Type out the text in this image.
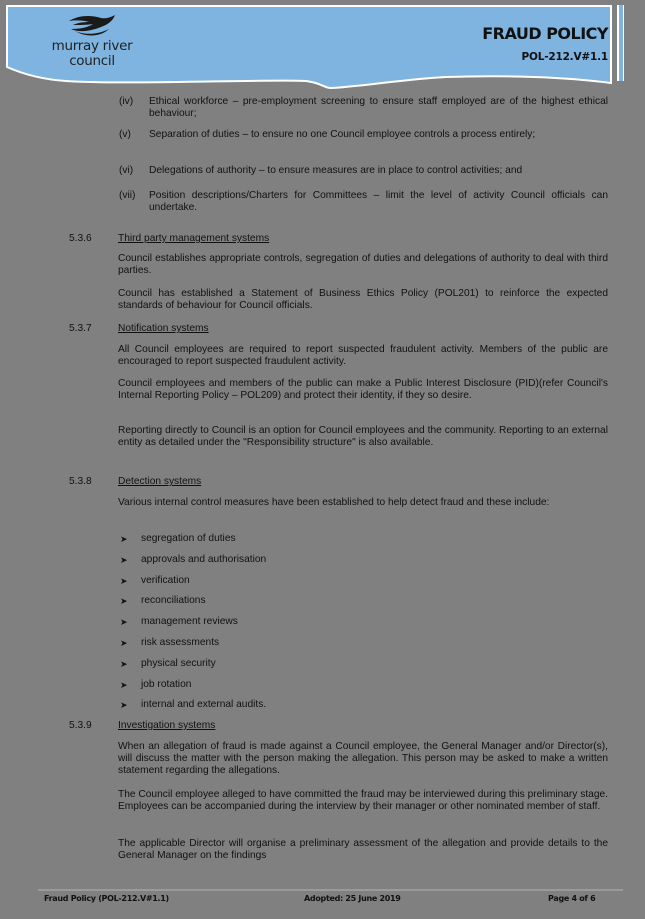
murray river
council
FRAUD POLICY
POL-212.V#1.1
(iv) Ethical workforce – pre-employment screening to ensure staff employed are of the highest ethical behaviour;
(v) Separation of duties – to ensure no one Council employee controls a process entirely;
(vi) Delegations of authority – to ensure measures are in place to control activities; and
(vii) Position descriptions/Charters for Committees – limit the level of activity Council officials can undertake.
5.3.6	Third party management systems
Council establishes appropriate controls, segregation of duties and delegations of authority to deal with third parties.
Council has established a Statement of Business Ethics Policy (POL201) to reinforce the expected standards of behaviour for Council officials.
5.3.7	Notification systems
All Council employees are required to report suspected fraudulent activity. Members of the public are encouraged to report suspected fraudulent activity.
Council employees and members of the public can make a Public Interest Disclosure (PID)(refer Council's Internal Reporting Policy – POL209) and protect their identity, if they so desire.
Reporting directly to Council is an option for Council employees and the community. Reporting to an external entity as detailed under the "Responsibility structure" is also available.
5.3.8	Detection systems
Various internal control measures have been established to help detect fraud and these include:
➤ segregation of duties
➤ approvals and authorisation
➤ verification
➤ reconciliations
➤ management reviews
➤ risk assessments
➤ physical security
➤ job rotation
➤ internal and external audits.
5.3.9	Investigation systems
When an allegation of fraud is made against a Council employee, the General Manager and/or Director(s), will discuss the matter with the person making the allegation. This person may be asked to make a written statement regarding the allegations.
The Council employee alleged to have committed the fraud may be interviewed during this preliminary stage. Employees can be accompanied during the interview by their manager or other nominated member of staff.
The applicable Director will organise a preliminary assessment of the allegation and provide details to the General Manager on the findings
Fraud Policy (POL-212.V#1.1)	Adopted: 25 June 2019	Page 4 of 6
